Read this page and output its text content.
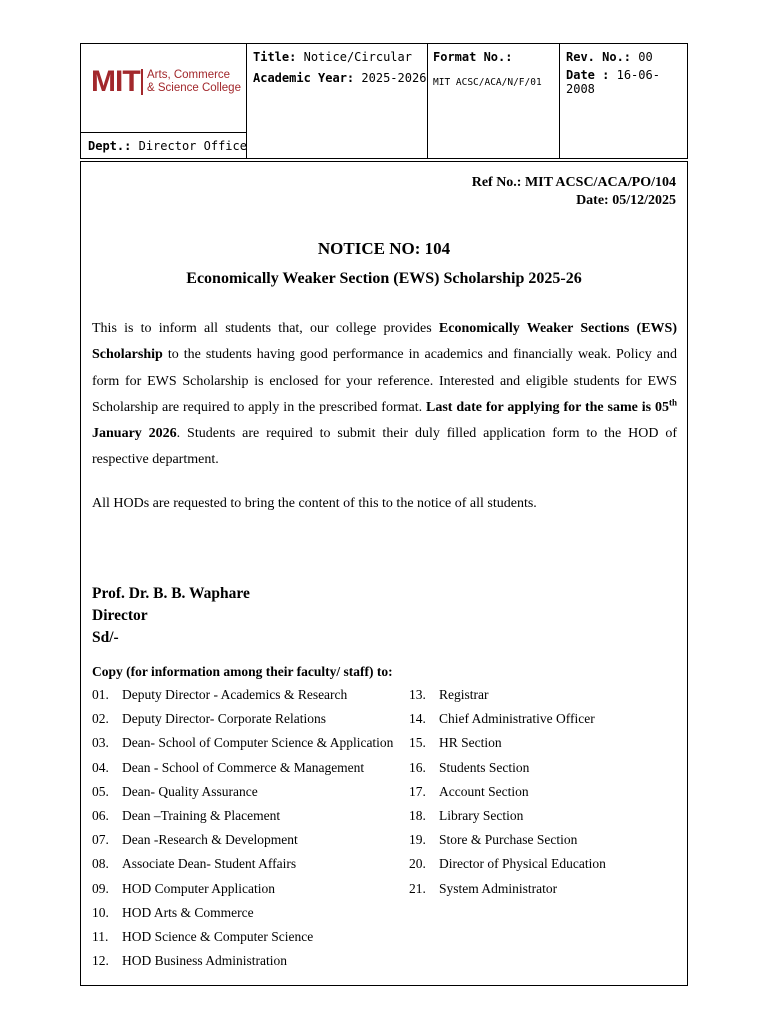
MIT Arts, Commerce
& Science College
Dept.: Director Office
Title: Notice/Circular
Academic Year: 2025-2026
Format No.:
MIT ACSC/ACA/N/F/01
Rev. No.: 00
Date : 16-06-2008
Ref No.: MIT ACSC/ACA/PO/104
Date: 05/12/2025
NOTICE NO: 104
Economically Weaker Section (EWS) Scholarship 2025-26
This is to inform all students that, our college provides Economically Weaker Sections (EWS) Scholarship to the students having good performance in academics and financially weak. Policy and form for EWS Scholarship is enclosed for your reference. Interested and eligible students for EWS Scholarship are required to apply in the prescribed format. Last date for applying for the same is 05th January 2026. Students are required to submit their duly filled application form to the HOD of respective department.
All HODs are requested to bring the content of this to the notice of all students.
Prof. Dr. B. B. Waphare
Director
Sd/-
Copy (for information among their faculty/ staff) to:
01. Deputy Director - Academics & Research
02. Deputy Director- Corporate Relations
03. Dean- School of Computer Science & Application
04. Dean - School of Commerce & Management
05. Dean- Quality Assurance
06. Dean –Training & Placement
07. Dean -Research & Development
08. Associate Dean- Student Affairs
09. HOD Computer Application
10. HOD Arts & Commerce
11. HOD Science & Computer Science
12. HOD Business Administration
13. Registrar
14. Chief Administrative Officer
15. HR Section
16. Students Section
17. Account Section
18. Library Section
19. Store & Purchase Section
20. Director of Physical Education
21. System Administrator
